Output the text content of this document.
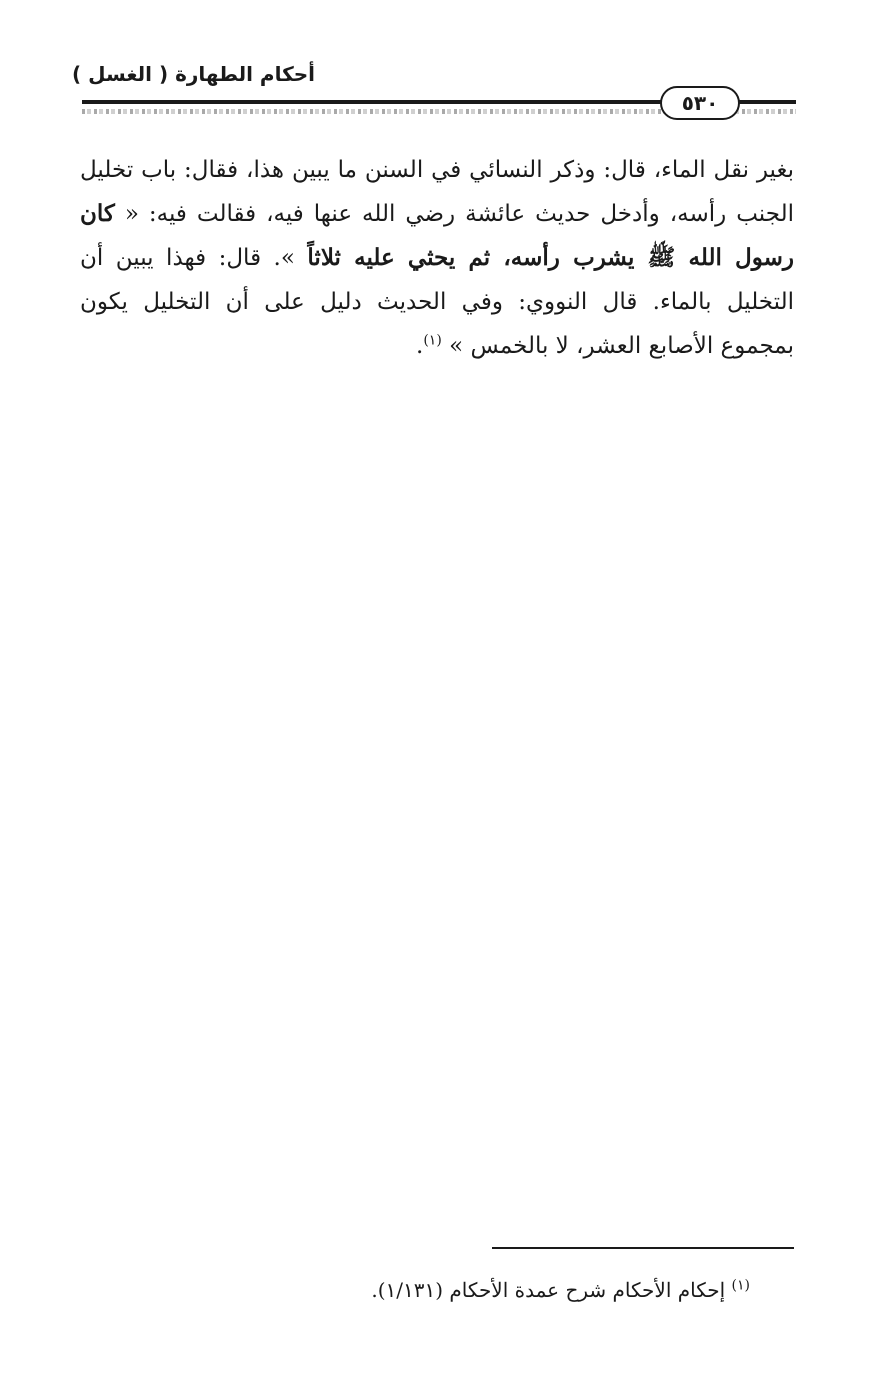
أحكام الطهارة ( الغسل )
٥٣٠

بغير نقل الماء، قال: وذكر النسائي في السنن ما يبين هذا، فقال: باب تخليل الجنب رأسه، وأدخل حديث عائشة رضي الله عنها فيه، فقالت فيه: « كان رسول الله ﷺ يشرب رأسه، ثم يحثي عليه ثلاثاً ». قال: فهذا يبين أن التخليل بالماء. قال النووي: وفي الحديث دليل على أن التخليل يكون بمجموع الأصابع العشر، لا بالخمس » $^{(١)}$.

$^{(١)}$ إحكام الأحكام شرح عمدة الأحكام (١/١٣١).
